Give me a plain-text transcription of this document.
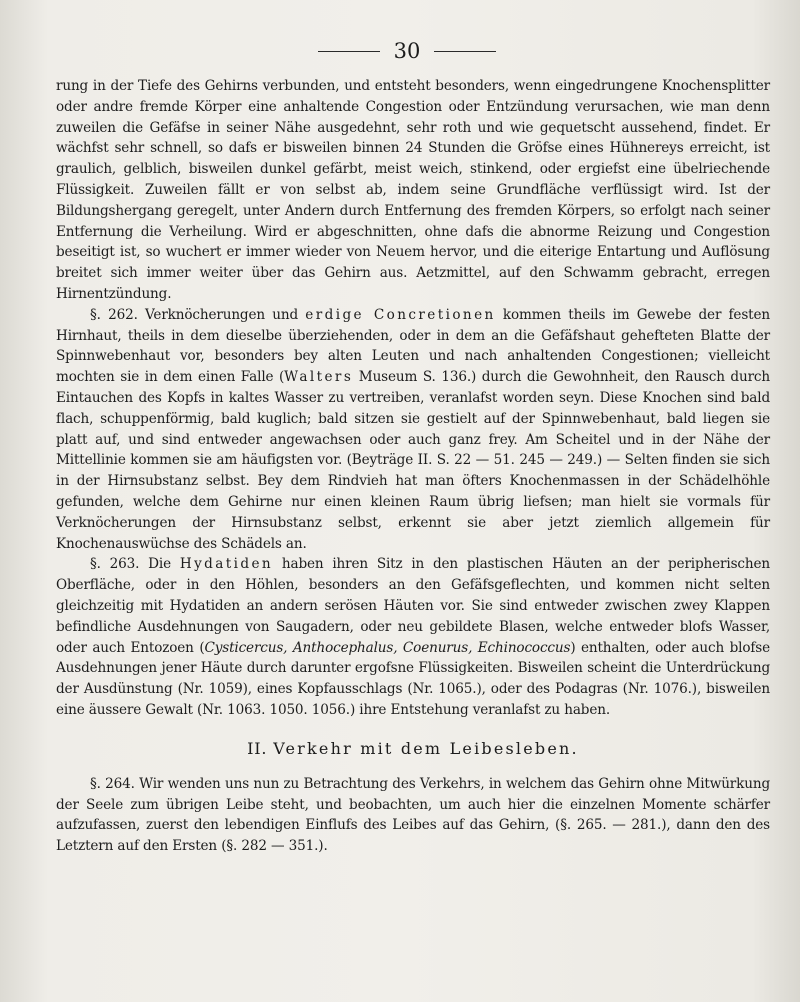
30

rung in der Tiefe des Gehirns verbunden, und entsteht besonders, wenn eingedrungene Knochensplitter oder andre fremde Körper eine anhaltende Congestion oder Entzündung verursachen, wie man denn zuweilen die Gefäfse in seiner Nähe ausgedehnt, sehr roth und wie gequetscht aussehend, findet. Er wächfst sehr schnell, so dafs er bisweilen binnen 24 Stunden die Gröfse eines Hühnereys erreicht, ist graulich, gelblich, bisweilen dunkel gefärbt, meist weich, stinkend, oder ergiefst eine übelriechende Flüssigkeit. Zuweilen fällt er von selbst ab, indem seine Grundfläche verflüssigt wird. Ist der Bildungshergang geregelt, unter Andern durch Entfernung des fremden Körpers, so erfolgt nach seiner Entfernung die Verheilung. Wird er abgeschnitten, ohne dafs die abnorme Reizung und Congestion beseitigt ist, so wuchert er immer wieder von Neuem hervor, und die eiterige Entartung und Auflösung breitet sich immer weiter über das Gehirn aus. Aetzmittel, auf den Schwamm gebracht, erregen Hirnentzündung.

§. 262. Verknöcherungen und erdige Concretionen kommen theils im Gewebe der festen Hirnhaut, theils in dem dieselbe überziehenden, oder in dem an die Gefäfshaut gehefteten Blatte der Spinnwebenhaut vor, besonders bey alten Leuten und nach anhaltenden Congestionen; vielleicht mochten sie in dem einen Falle (Walters Museum S. 136.) durch die Gewohnheit, den Rausch durch Eintauchen des Kopfs in kaltes Wasser zu vertreiben, veranlafst worden seyn. Diese Knochen sind bald flach, schuppenförmig, bald kuglich; bald sitzen sie gestielt auf der Spinnwebenhaut, bald liegen sie platt auf, und sind entweder angewachsen oder auch ganz frey. Am Scheitel und in der Nähe der Mittellinie kommen sie am häufigsten vor. (Beyträge II. S. 22 — 51. 245 — 249.) — Selten finden sie sich in der Hirnsubstanz selbst. Bey dem Rindvieh hat man öfters Knochenmassen in der Schädelhöhle gefunden, welche dem Gehirne nur einen kleinen Raum übrig liefsen; man hielt sie vormals für Verknöcherungen der Hirnsubstanz selbst, erkennt sie aber jetzt ziemlich allgemein für Knochenauswüchse des Schädels an.

§. 263. Die Hydatiden haben ihren Sitz in den plastischen Häuten an der peripherischen Oberfläche, oder in den Höhlen, besonders an den Gefäfsgeflechten, und kommen nicht selten gleichzeitig mit Hydatiden an andern serösen Häuten vor. Sie sind entweder zwischen zwey Klappen befindliche Ausdehnungen von Saugadern, oder neu gebildete Blasen, welche entweder blofs Wasser, oder auch Entozoen (Cysticercus, Anthocephalus, Coenurus, Echinococcus) enthalten, oder auch blofse Ausdehnungen jener Häute durch darunter ergofsne Flüssigkeiten. Bisweilen scheint die Unterdrückung der Ausdünstung (Nr. 1059), eines Kopfausschlags (Nr. 1065.), oder des Podagras (Nr. 1076.), bisweilen eine äussere Gewalt (Nr. 1063. 1050. 1056.) ihre Entstehung veranlafst zu haben.

II. Verkehr mit dem Leibesleben.

§. 264. Wir wenden uns nun zu Betrachtung des Verkehrs, in welchem das Gehirn ohne Mitwürkung der Seele zum übrigen Leibe steht, und beobachten, um auch hier die einzelnen Momente schärfer aufzufassen, zuerst den lebendigen Einflufs des Leibes auf das Gehirn, (§. 265. — 281.), dann den des Letztern auf den Ersten (§. 282 — 351.).
